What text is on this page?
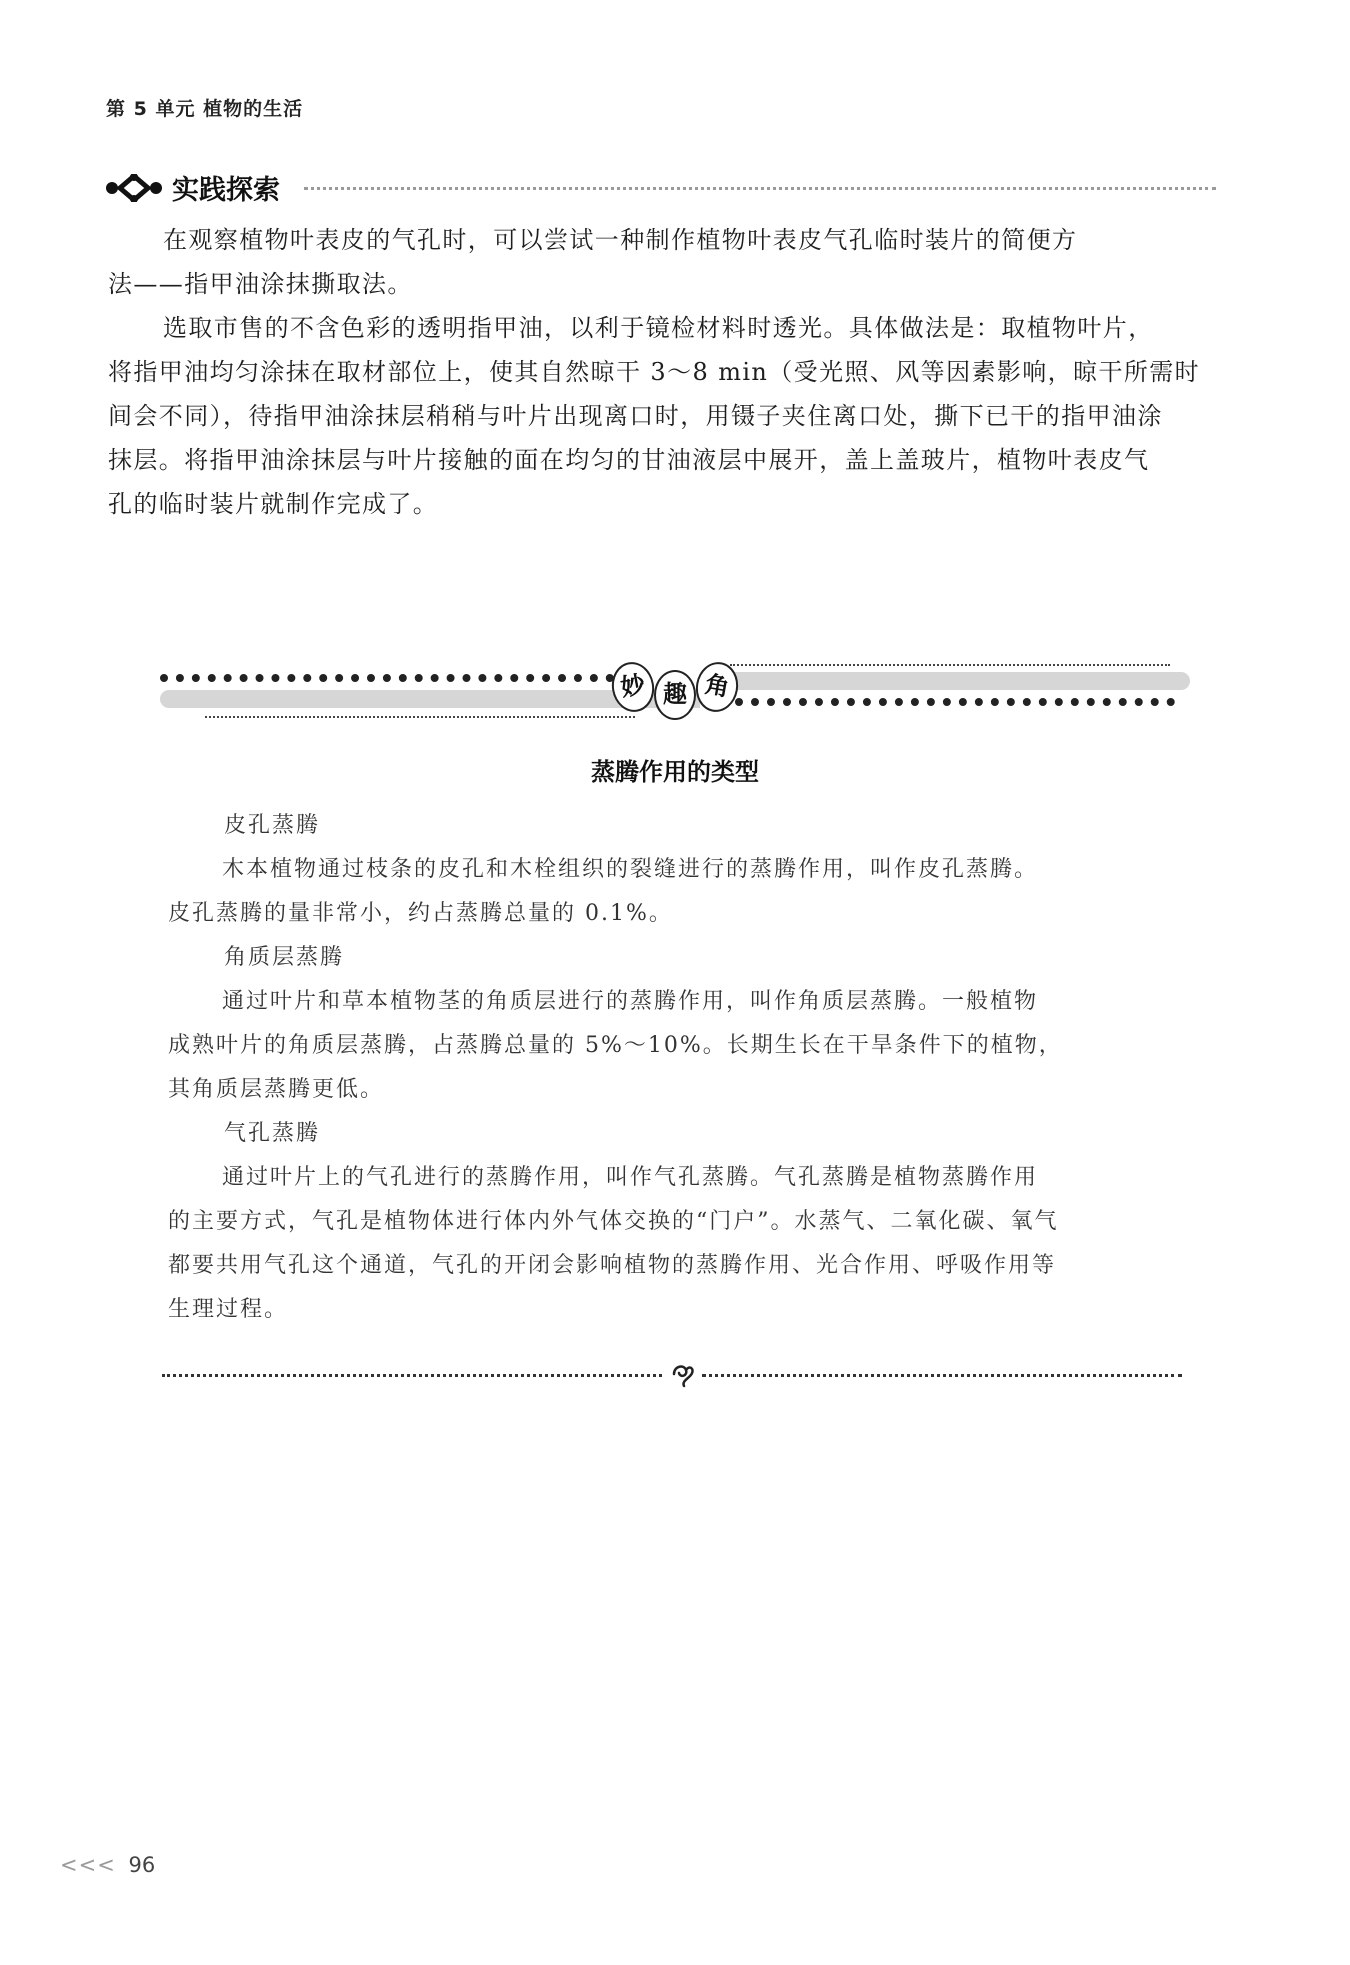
第 5 单元 植物的生活
实践探索
在观察植物叶表皮的气孔时，可以尝试一种制作植物叶表皮气孔临时装片的简便方
法——指甲油涂抹撕取法。
选取市售的不含色彩的透明指甲油，以利于镜检材料时透光。具体做法是：取植物叶片，
将指甲油均匀涂抹在取材部位上，使其自然晾干 3～8 min（受光照、风等因素影响，晾干所需时
间会不同），待指甲油涂抹层稍稍与叶片出现离口时，用镊子夹住离口处，撕下已干的指甲油涂
抹层。将指甲油涂抹层与叶片接触的面在均匀的甘油液层中展开，盖上盖玻片，植物叶表皮气
孔的临时装片就制作完成了。
妙 趣 角
蒸腾作用的类型
皮孔蒸腾
木本植物通过枝条的皮孔和木栓组织的裂缝进行的蒸腾作用，叫作皮孔蒸腾。
皮孔蒸腾的量非常小，约占蒸腾总量的 0.1%。
角质层蒸腾
通过叶片和草本植物茎的角质层进行的蒸腾作用，叫作角质层蒸腾。一般植物
成熟叶片的角质层蒸腾，占蒸腾总量的 5%～10%。长期生长在干旱条件下的植物，
其角质层蒸腾更低。
气孔蒸腾
通过叶片上的气孔进行的蒸腾作用，叫作气孔蒸腾。气孔蒸腾是植物蒸腾作用
的主要方式，气孔是植物体进行体内外气体交换的“门户”。水蒸气、二氧化碳、氧气
都要共用气孔这个通道，气孔的开闭会影响植物的蒸腾作用、光合作用、呼吸作用等
生理过程。
<<< 96
